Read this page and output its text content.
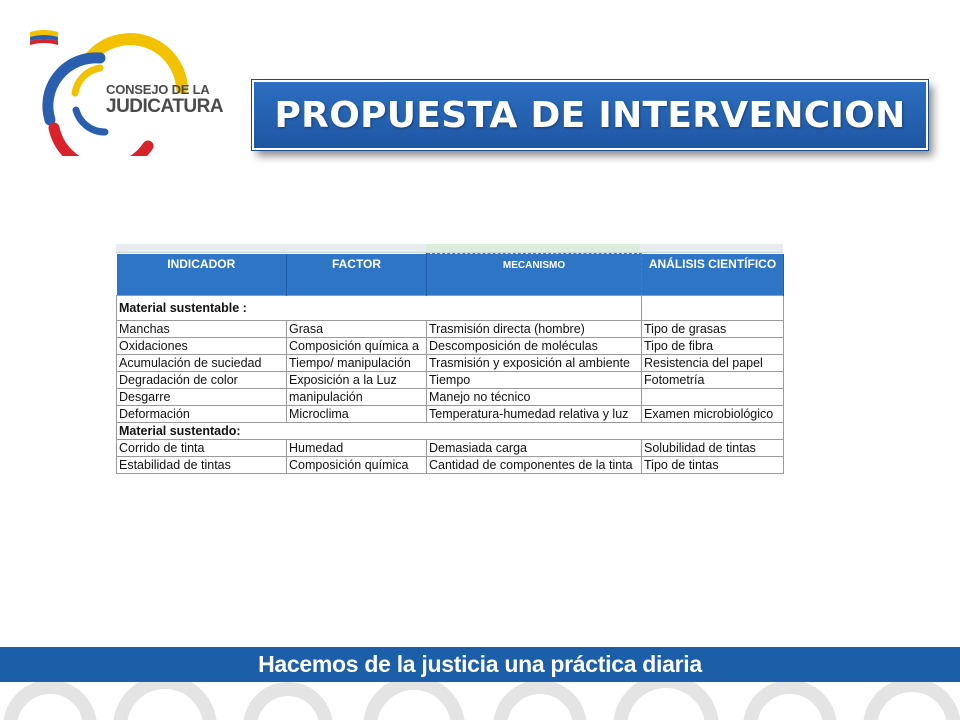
CONSEJO DE LA
JUDICATURA PROPUESTA DE INTERVENCION
INDICADOR	FACTOR	MECANISMO	ANÁLISIS CIENTÍFICO
Material sustentable :			
Manchas	Grasa	Trasmisión directa (hombre)	Tipo de grasas
Oxidaciones	Composición química a	Descomposición de moléculas	Tipo de fibra
Acumulación de suciedad	Tiempo/ manipulación	Trasmisión y exposición al ambiente	Resistencia del papel
Degradación de color	Exposición a la Luz	Tiempo	Fotometría
Desgarre	manipulación	Manejo no técnico	
Deformación	Microclima	Temperatura-humedad relativa y luz	Examen microbiológico
Material sustentado:			
Corrido de tinta	Humedad	Demasiada carga	Solubilidad de tintas
Estabilidad de tintas	Composición química	Cantidad de componentes de la tinta	Tipo de tintas
Hacemos de la justicia una práctica diaria
